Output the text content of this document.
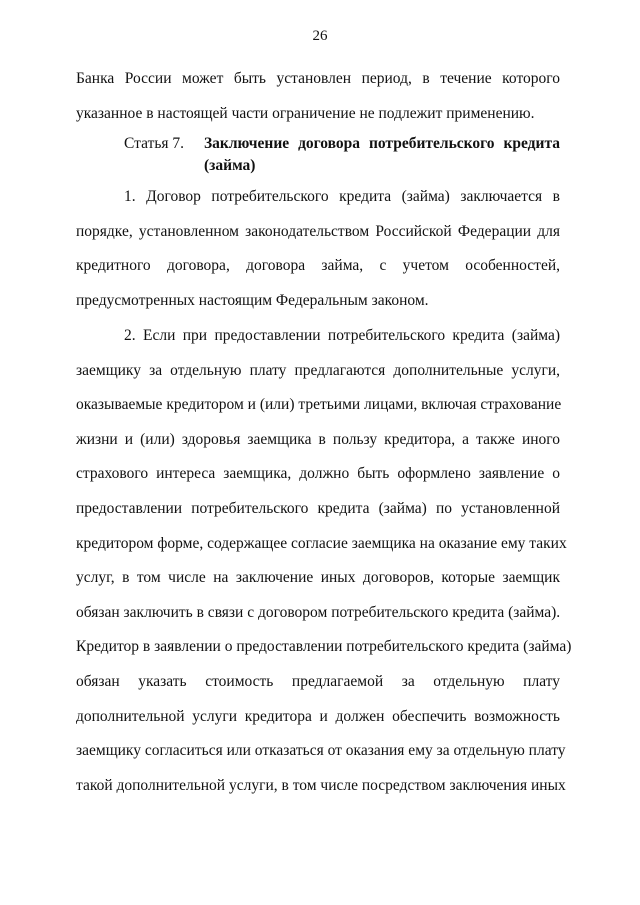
26
Банка России может быть установлен период, в течение которого
указанное в настоящей части ограничение не подлежит применению.
Статья 7.	Заключение договора потребительского кредита
(займа)
1. Договор потребительского кредита (займа) заключается в
порядке, установленном законодательством Российской Федерации для
кредитного договора, договора займа, с учетом особенностей,
предусмотренных настоящим Федеральным законом.
2. Если при предоставлении потребительского кредита (займа)
заемщику за отдельную плату предлагаются дополнительные услуги,
оказываемые кредитором и (или) третьими лицами, включая страхование
жизни и (или) здоровья заемщика в пользу кредитора, а также иного
страхового интереса заемщика, должно быть оформлено заявление о
предоставлении потребительского кредита (займа) по установленной
кредитором форме, содержащее согласие заемщика на оказание ему таких
услуг, в том числе на заключение иных договоров, которые заемщик
обязан заключить в связи с договором потребительского кредита (займа).
Кредитор в заявлении о предоставлении потребительского кредита (займа)
обязан указать стоимость предлагаемой за отдельную плату
дополнительной услуги кредитора и должен обеспечить возможность
заемщику согласиться или отказаться от оказания ему за отдельную плату
такой дополнительной услуги, в том числе посредством заключения иных
